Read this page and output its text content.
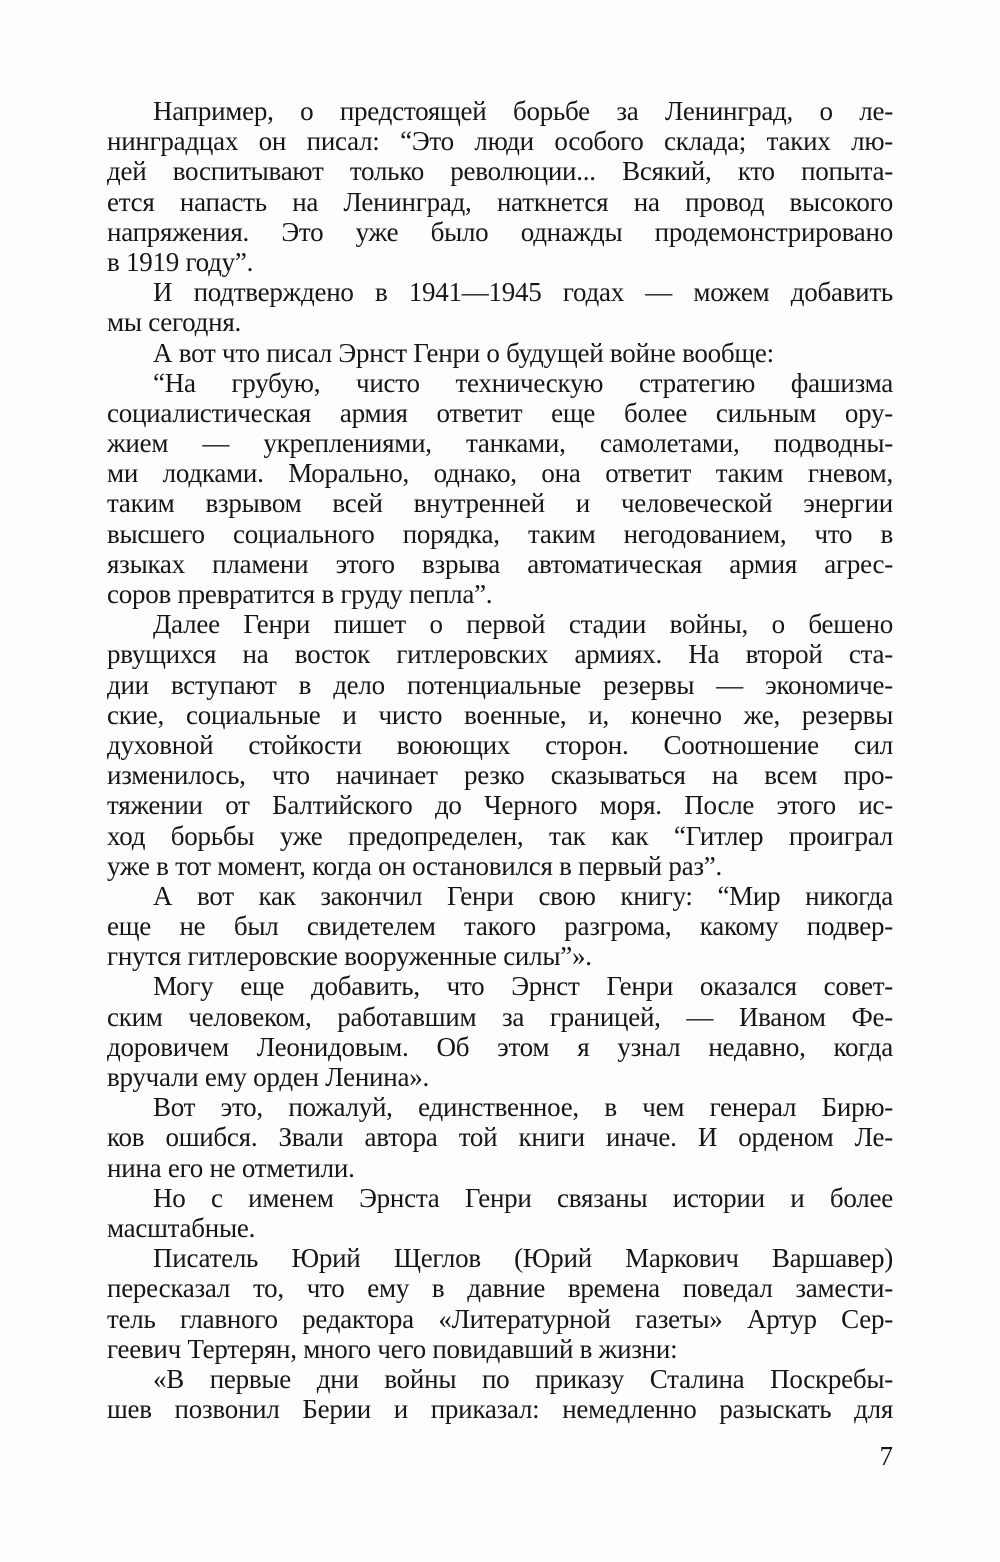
Например, о предстоящей борьбе за Ленинград, о ле-
нинградцах он писал: “Это люди особого склада; таких лю-
дей воспитывают только революции... Всякий, кто попыта-
ется напасть на Ленинград, наткнется на провод высокого
напряжения. Это уже было однажды продемонстрировано
в 1919 году”.
И подтверждено в 1941—1945 годах — можем добавить
мы сегодня.
А вот что писал Эрнст Генри о будущей войне вообще:
“На грубую, чисто техническую стратегию фашизма
социалистическая армия ответит еще более сильным ору-
жием — укреплениями, танками, самолетами, подводны-
ми лодками. Морально, однако, она ответит таким гневом,
таким взрывом всей внутренней и человеческой энергии
высшего социального порядка, таким негодованием, что в
языках пламени этого взрыва автоматическая армия агрес-
соров превратится в груду пепла”.
Далее Генри пишет о первой стадии войны, о бешено
рвущихся на восток гитлеровских армиях. На второй ста-
дии вступают в дело потенциальные резервы — экономиче-
ские, социальные и чисто военные, и, конечно же, резервы
духовной стойкости воюющих сторон. Соотношение сил
изменилось, что начинает резко сказываться на всем про-
тяжении от Балтийского до Черного моря. После этого ис-
ход борьбы уже предопределен, так как “Гитлер проиграл
уже в тот момент, когда он остановился в первый раз”.
А вот как закончил Генри свою книгу: “Мир никогда
еще не был свидетелем такого разгрома, какому подвер-
гнутся гитлеровские вооруженные силы”».
Могу еще добавить, что Эрнст Генри оказался совет-
ским человеком, работавшим за границей, — Иваном Фе-
доровичем Леонидовым. Об этом я узнал недавно, когда
вручали ему орден Ленина».
Вот это, пожалуй, единственное, в чем генерал Бирю-
ков ошибся. Звали автора той книги иначе. И орденом Ле-
нина его не отметили.
Но с именем Эрнста Генри связаны истории и более
масштабные.
Писатель Юрий Щеглов (Юрий Маркович Варшавер)
пересказал то, что ему в давние времена поведал замести-
тель главного редактора «Литературной газеты» Артур Сер-
геевич Тертерян, много чего повидавший в жизни:
«В первые дни войны по приказу Сталина Поскребы-
шев позвонил Берии и приказал: немедленно разыскать для
7
